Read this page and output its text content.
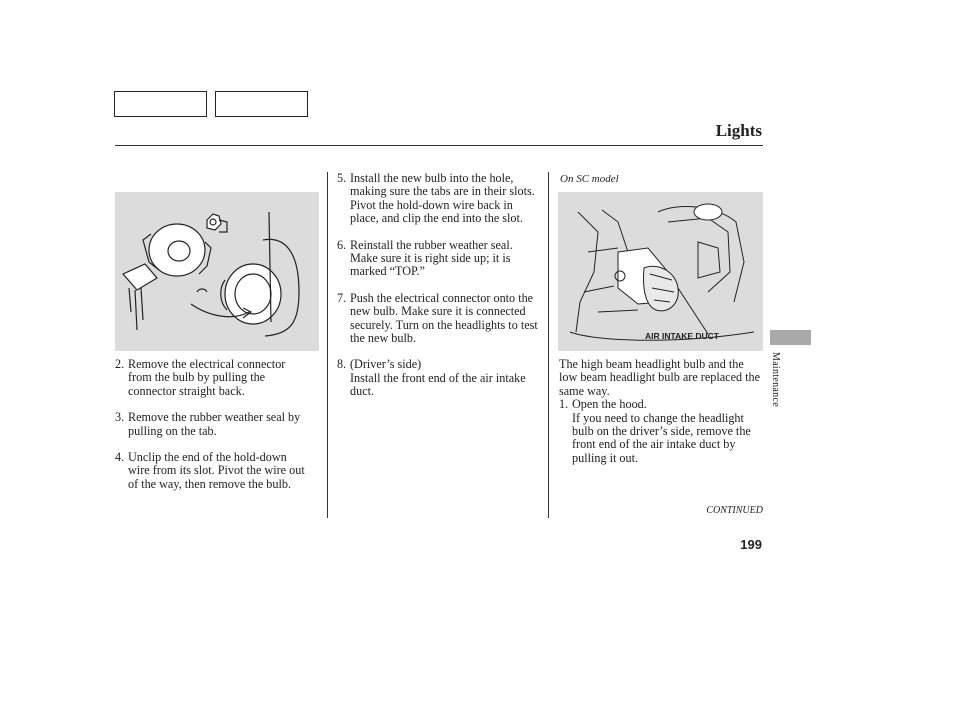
Lights
AIR INTAKE DUCT
2. Remove the electrical connector from the bulb by pulling the connector straight back.
3. Remove the rubber weather seal by pulling on the tab.
4. Unclip the end of the hold-down wire from its slot. Pivot the wire out of the way, then remove the bulb.
5. Install the new bulb into the hole, making sure the tabs are in their slots. Pivot the hold-down wire back in place, and clip the end into the slot.
6. Reinstall the rubber weather seal. Make sure it is right side up; it is marked “TOP.”
7. Push the electrical connector onto the new bulb. Make sure it is connected securely. Turn on the headlights to test the new bulb.
8. (Driver’s side)
Install the front end of the air intake duct.
On SC model
The high beam headlight bulb and the low beam headlight bulb are replaced the same way.
1. Open the hood.
If you need to change the headlight bulb on the driver’s side, remove the front end of the air intake duct by pulling it out.
Maintenance
CONTINUED
199
